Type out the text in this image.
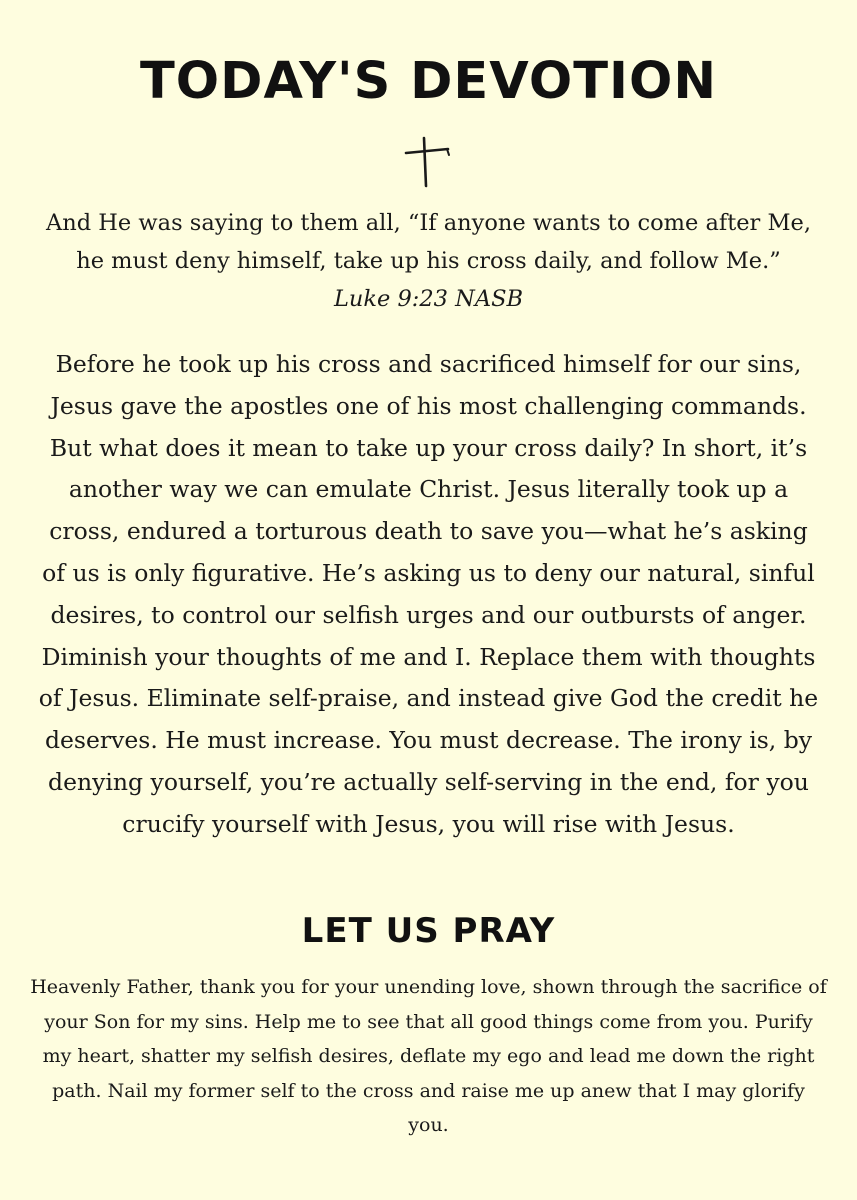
TODAY'S DEVOTION

And He was saying to them all, “If anyone wants to come after Me, he must deny himself, take up his cross daily, and follow Me.”
Luke 9:23 NASB

Before he took up his cross and sacrificed himself for our sins, Jesus gave the apostles one of his most challenging commands. But what does it mean to take up your cross daily? In short, it’s another way we can emulate Christ. Jesus literally took up a cross, endured a torturous death to save you—what he’s asking of us is only figurative. He’s asking us to deny our natural, sinful desires, to control our selfish urges and our outbursts of anger. Diminish your thoughts of me and I. Replace them with thoughts of Jesus. Eliminate self-praise, and instead give God the credit he deserves. He must increase. You must decrease. The irony is, by denying yourself, you’re actually self-serving in the end, for you crucify yourself with Jesus, you will rise with Jesus.

LET US PRAY

Heavenly Father, thank you for your unending love, shown through the sacrifice of your Son for my sins. Help me to see that all good things come from you. Purify my heart, shatter my selfish desires, deflate my ego and lead me down the right path. Nail my former self to the cross and raise me up anew that I may glorify you.
